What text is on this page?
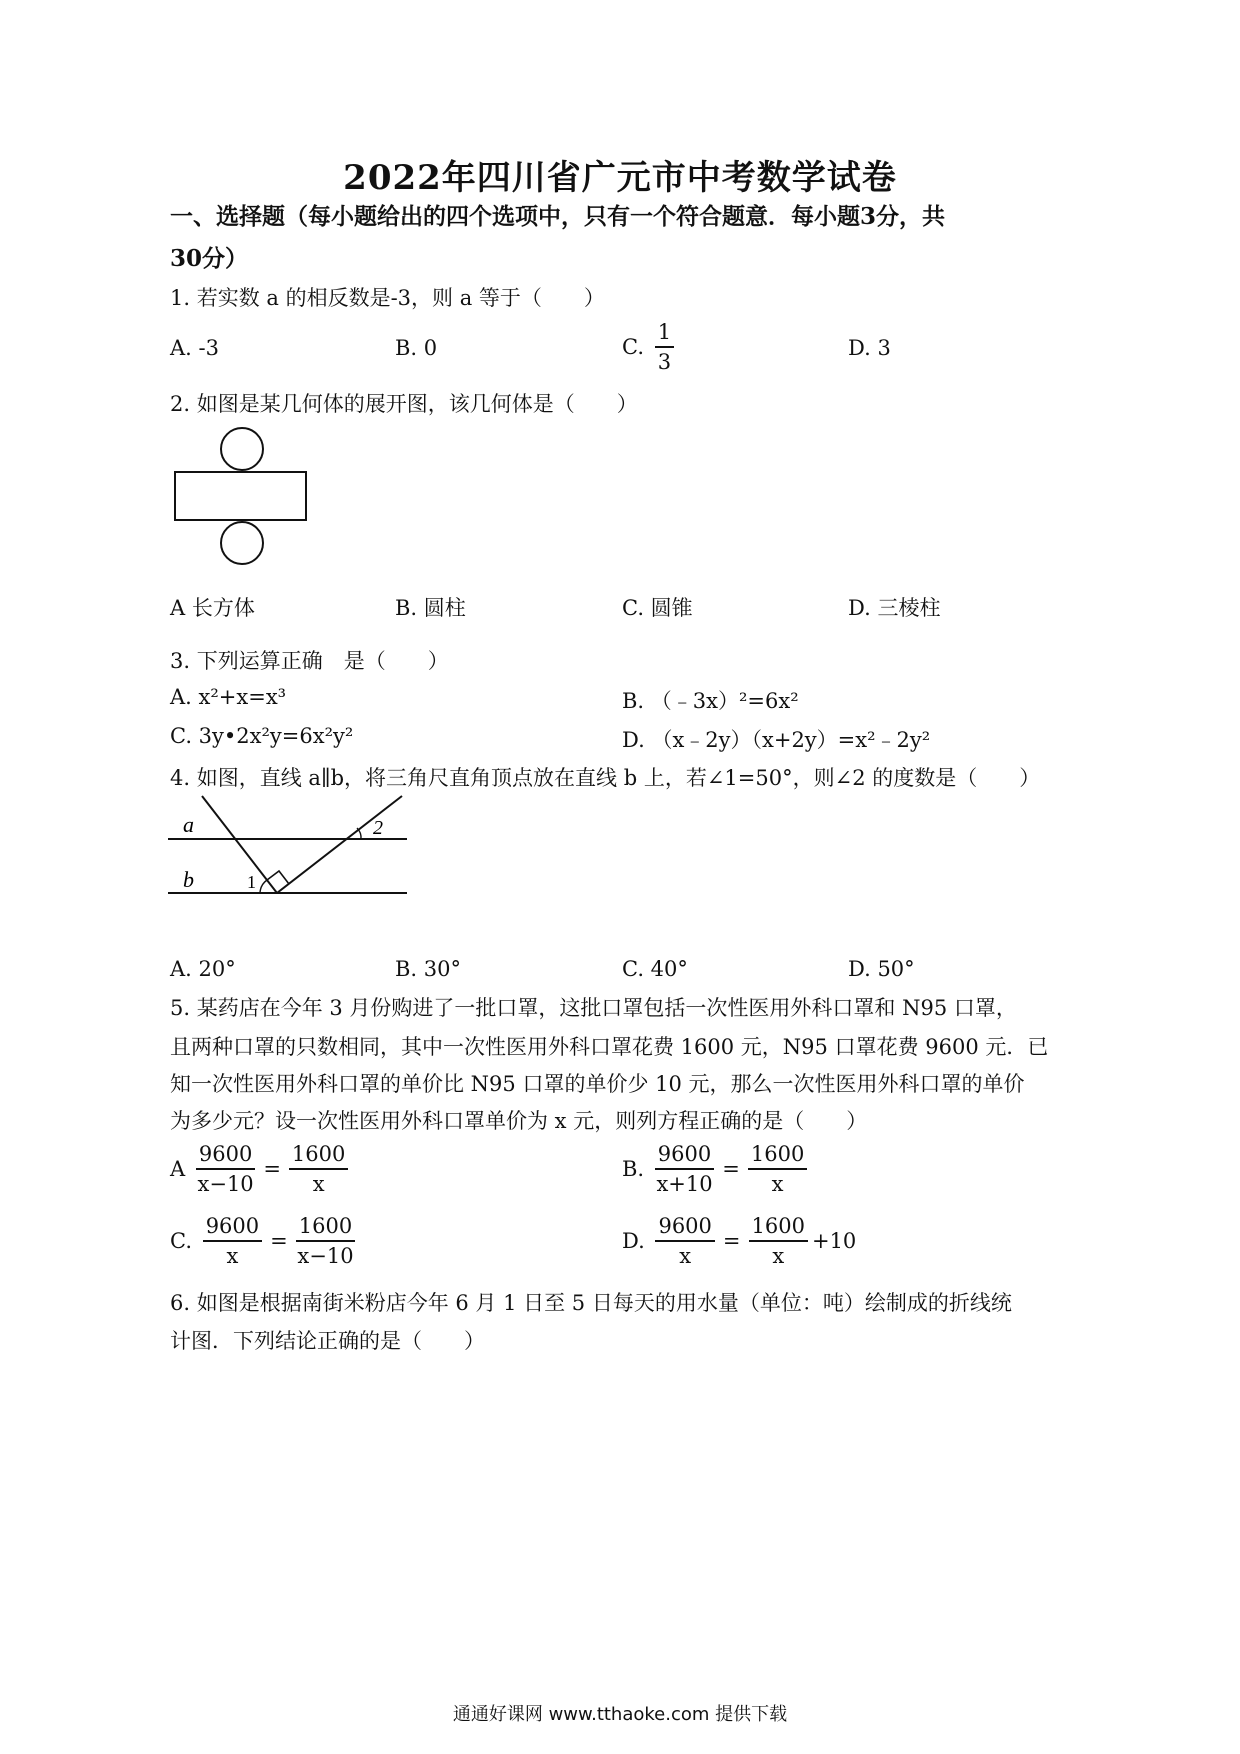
2022年四川省广元市中考数学试卷
一、选择题（每小题给出的四个选项中，只有一个符合题意．每小题3分，共
30分）
1. 若实数 a 的相反数是-3，则 a 等于（　　）
A. -3	B. 0	C. $\frac{1}{3}$	D. 3
2. 如图是某几何体的展开图，该几何体是（　　）
A 长方体	B. 圆柱	C. 圆锥	D. 三棱柱
3. 下列运算正确　是（　　）
A. x²+x=x³	B. （﹣3x）²=6x²
C. 3y•2x²y=6x²y²	D. （x﹣2y）（x+2y）=x²﹣2y²
4. 如图，直线 a∥b，将三角尺直角顶点放在直线 b 上，若∠1=50°，则∠2 的度数是（　　）
a
b	1
2
A. 20°	B. 30°	C. 40°	D. 50°
5. 某药店在今年 3 月份购进了一批口罩，这批口罩包括一次性医用外科口罩和 N95 口罩，
且两种口罩的只数相同，其中一次性医用外科口罩花费 1600 元，N95 口罩花费 9600 元．已
知一次性医用外科口罩的单价比 N95 口罩的单价少 10 元，那么一次性医用外科口罩的单价
为多少元？设一次性医用外科口罩单价为 x 元，则列方程正确的是（　　）
A $\frac{9600}{x-10} = \frac{1600}{x}$	B. $\frac{9600}{x+10} = \frac{1600}{x}$
C. $\frac{9600}{x} = \frac{1600}{x-10}$	D. $\frac{9600}{x} = \frac{1600}{x} +10$
6. 如图是根据南街米粉店今年 6 月 1 日至 5 日每天的用水量（单位：吨）绘制成的折线统
计图．下列结论正确的是（　　）
通通好课网 www.tthaoke.com 提供下载
